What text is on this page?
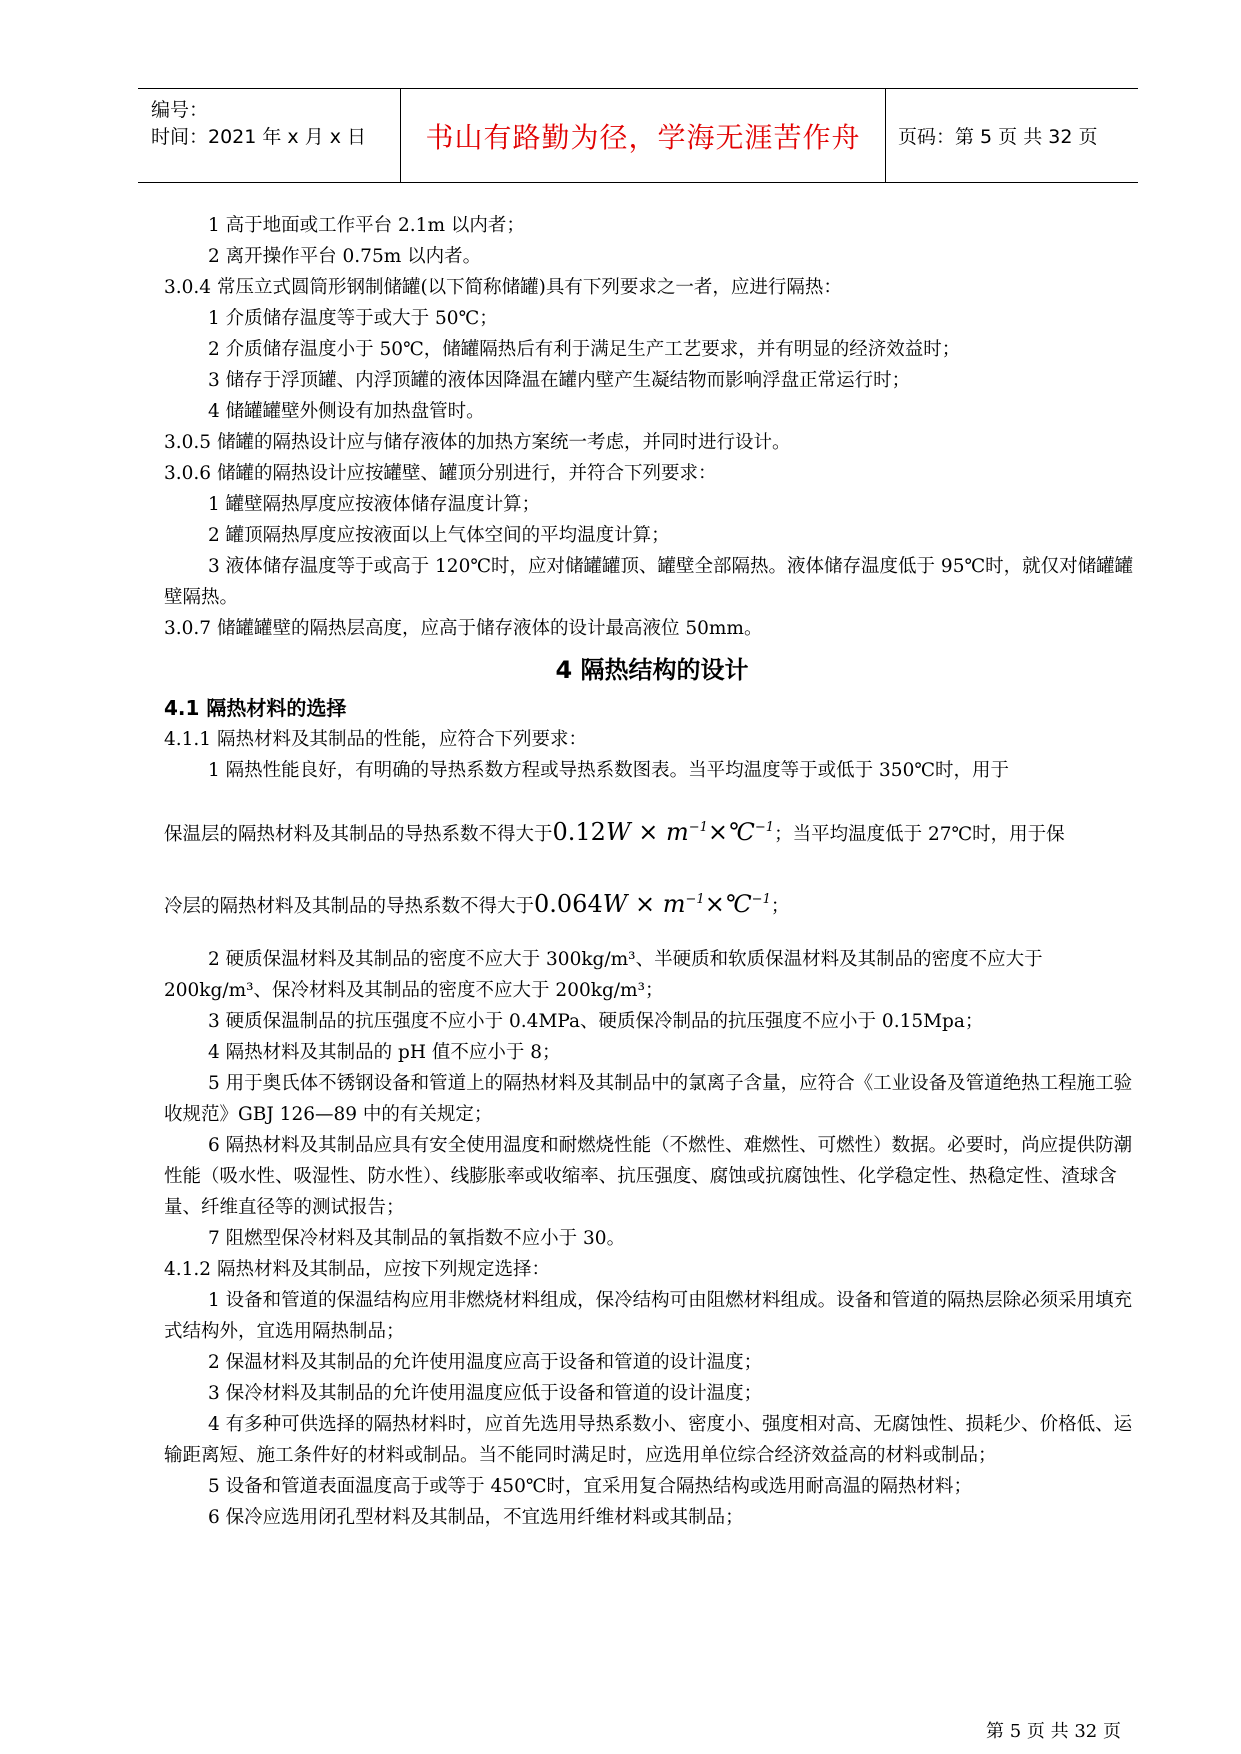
编号：
时间：2021 年 x 月 x 日	书山有路勤为径，学海无涯苦作舟	页码：第 5 页 共 32 页

1 高于地面或工作平台 2.1m 以内者；

2 离开操作平台 0.75m 以内者。

3.0.4 常压立式圆筒形钢制储罐(以下简称储罐)具有下列要求之一者，应进行隔热：

1 介质储存温度等于或大于 50℃；

2 介质储存温度小于 50℃，储罐隔热后有利于满足生产工艺要求，并有明显的经济效益时；

3 储存于浮顶罐、内浮顶罐的液体因降温在罐内壁产生凝结物而影响浮盘正常运行时；

4 储罐罐壁外侧设有加热盘管时。

3.0.5 储罐的隔热设计应与储存液体的加热方案统一考虑，并同时进行设计。

3.0.6 储罐的隔热设计应按罐壁、罐顶分别进行，并符合下列要求：

1 罐壁隔热厚度应按液体储存温度计算；

2 罐顶隔热厚度应按液面以上气体空间的平均温度计算；

3 液体储存温度等于或高于 120℃时，应对储罐罐顶、罐壁全部隔热。液体储存温度低于 95℃时，就仅对储罐罐壁隔热。

3.0.7 储罐罐壁的隔热层高度，应高于储存液体的设计最高液位 50mm。

4 隔热结构的设计
4.1 隔热材料的选择

4.1.1 隔热材料及其制品的性能，应符合下列要求：

1 隔热性能良好，有明确的导热系数方程或导热系数图表。当平均温度等于或低于 350℃时，用于

保温层的隔热材料及其制品的导热系数不得大于$0.12W \times m^{-1}\times℃^{-1}$；当平均温度低于 27℃时，用于保

冷层的隔热材料及其制品的导热系数不得大于$0.064W \times m^{-1}\times℃^{-1}$；

2 硬质保温材料及其制品的密度不应大于 300kg/m³、半硬质和软质保温材料及其制品的密度不应大于 200kg/m³、保冷材料及其制品的密度不应大于 200kg/m³；

3 硬质保温制品的抗压强度不应小于 0.4MPa、硬质保冷制品的抗压强度不应小于 0.15Mpa；

4 隔热材料及其制品的 pH 值不应小于 8；

5 用于奥氏体不锈钢设备和管道上的隔热材料及其制品中的氯离子含量，应符合《工业设备及管道绝热工程施工验收规范》GBJ 126—89 中的有关规定；

6 隔热材料及其制品应具有安全使用温度和耐燃烧性能（不燃性、难燃性、可燃性）数据。必要时，尚应提供防潮性能（吸水性、吸湿性、防水性）、线膨胀率或收缩率、抗压强度、腐蚀或抗腐蚀性、化学稳定性、热稳定性、渣球含量、纤维直径等的测试报告；

7 阻燃型保冷材料及其制品的氧指数不应小于 30。

4.1.2 隔热材料及其制品，应按下列规定选择：

1 设备和管道的保温结构应用非燃烧材料组成，保冷结构可由阻燃材料组成。设备和管道的隔热层除必须采用填充式结构外，宜选用隔热制品；

2 保温材料及其制品的允许使用温度应高于设备和管道的设计温度；

3 保冷材料及其制品的允许使用温度应低于设备和管道的设计温度；

4 有多种可供选择的隔热材料时，应首先选用导热系数小、密度小、强度相对高、无腐蚀性、损耗少、价格低、运输距离短、施工条件好的材料或制品。当不能同时满足时，应选用单位综合经济效益高的材料或制品；

5 设备和管道表面温度高于或等于 450℃时，宜采用复合隔热结构或选用耐高温的隔热材料；

6 保冷应选用闭孔型材料及其制品，不宜选用纤维材料或其制品；

第 5 页 共 32 页
